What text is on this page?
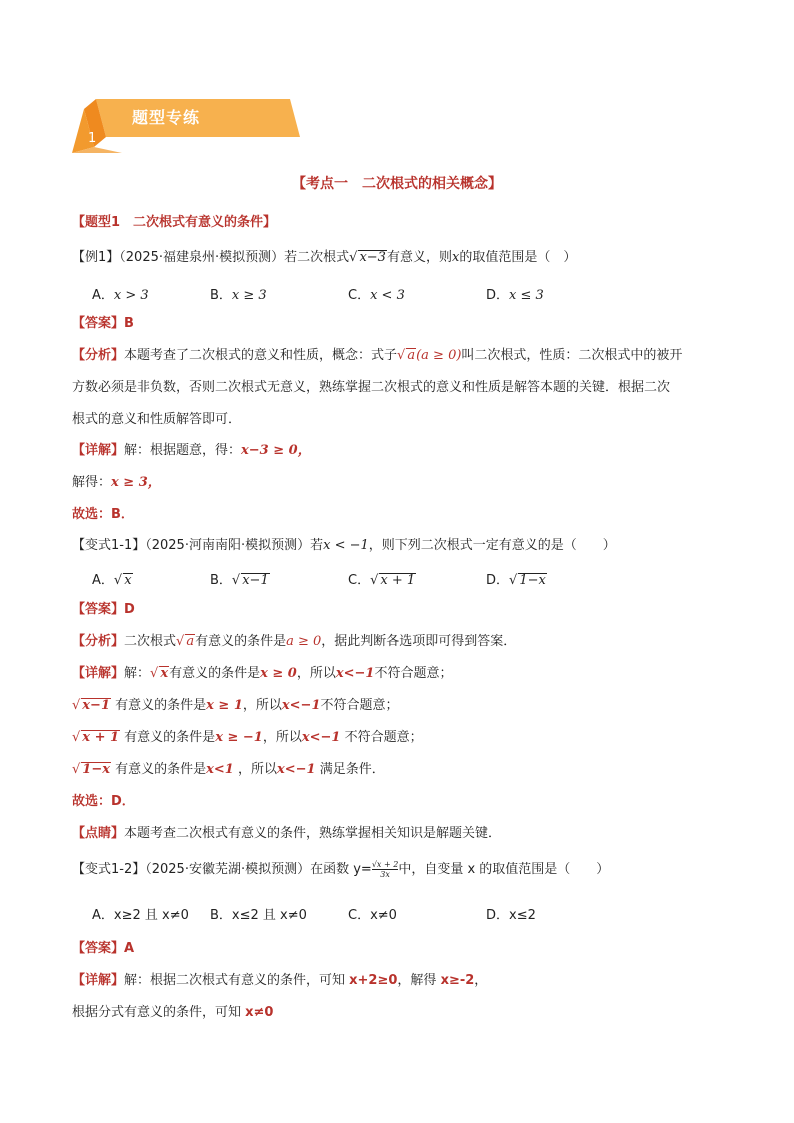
题型专练
1
【考点一　二次根式的相关概念】
【题型1　二次根式有意义的条件】
【例1】（2025·福建泉州·模拟预测）若二次根式√ x−3有意义，则x的取值范围是（　）
A．x > 3	B．x ≥ 3	C．x < 3	D．x ≤ 3
【答案】B
【分析】本题考查了二次根式的意义和性质，概念：式子√ a(a ≥ 0)叫二次根式，性质：二次根式中的被开
方数必须是非负数，否则二次根式无意义，熟练掌握二次根式的意义和性质是解答本题的关键．根据二次
根式的意义和性质解答即可．
【详解】解：根据题意，得：x−3 ≥ 0，
解得：x ≥ 3，
故选：B．
【变式1-1】（2025·河南南阳·模拟预测）若x < −1，则下列二次根式一定有意义的是（　　）
A．√ x	B．√ x−1	C．√ x + 1	D．√ 1−x
【答案】D
【分析】二次根式√ a有意义的条件是a ≥ 0，据此判断各选项即可得到答案．
【详解】解：√ x有意义的条件是x ≥ 0，所以x<−1不符合题意；
√ x−1 有意义的条件是x ≥ 1，所以x<−1不符合题意；
√ x + 1 有意义的条件是x ≥ −1，所以x<−1 不符合题意；
√ 1−x 有意义的条件是x<1 ，所以x<−1 满足条件．
故选：D．
【点睛】本题考查二次根式有意义的条件，熟练掌握相关知识是解题关键．
【变式1-2】（2025·安徽芜湖·模拟预测）在函数 $y= \frac{√x + 2}{3x}$ 中，自变量 x 的取值范围是（　　）
A．x≥2 且 x≠0 B．x≤2 且 x≠0	C．x≠0	D．x≤2
【答案】A
【详解】解：根据二次根式有意义的条件，可知 x+2≥0，解得 x≥-2，
根据分式有意义的条件，可知 x≠0
